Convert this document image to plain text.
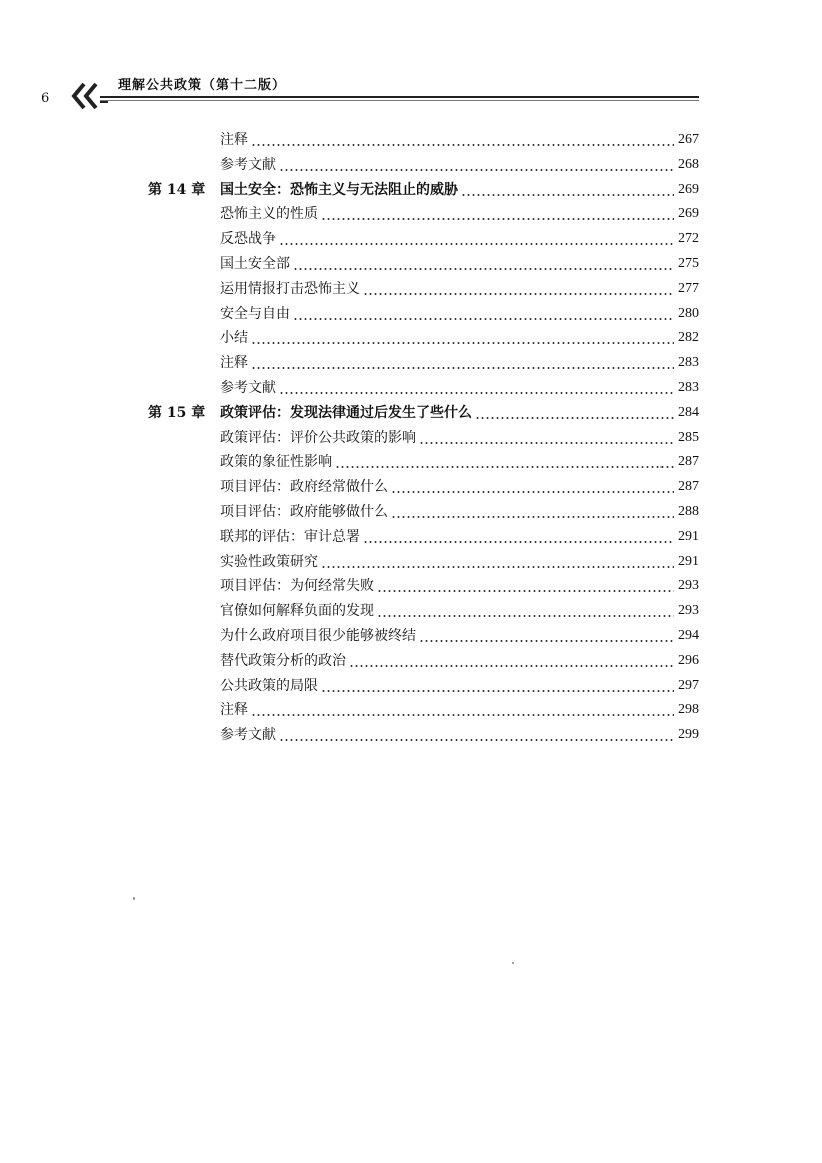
6
理解公共政策（第十二版）
注释	267
参考文献	268
第 14 章	国土安全：恐怖主义与无法阻止的威胁	269
恐怖主义的性质	269
反恐战争	272
国土安全部	275
运用情报打击恐怖主义	277
安全与自由	280
小结	282
注释	283
参考文献	283
第 15 章	政策评估：发现法律通过后发生了些什么	284
政策评估：评价公共政策的影响	285
政策的象征性影响	287
项目评估：政府经常做什么	287
项目评估：政府能够做什么	288
联邦的评估：审计总署	291
实验性政策研究	291
项目评估：为何经常失败	293
官僚如何解释负面的发现	293
为什么政府项目很少能够被终结	294
替代政策分析的政治	296
公共政策的局限	297
注释	298
参考文献	299
